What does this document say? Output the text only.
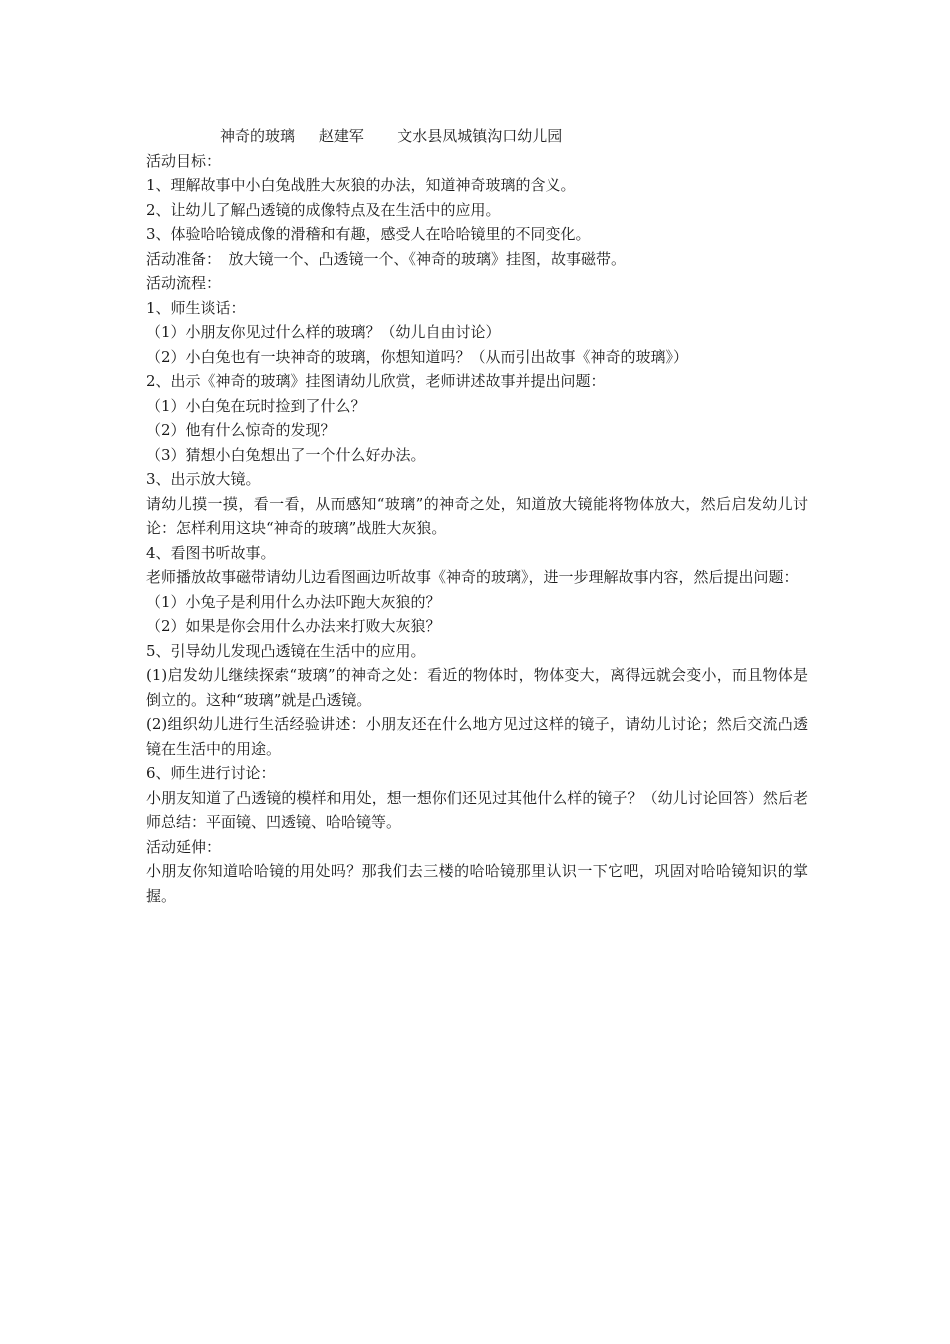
神奇的玻璃 赵建军 文水县凤城镇沟口幼儿园

活动目标：

1、理解故事中小白兔战胜大灰狼的办法，知道神奇玻璃的含义。

2、让幼儿了解凸透镜的成像特点及在生活中的应用。

3、体验哈哈镜成像的滑稽和有趣，感受人在哈哈镜里的不同变化。

活动准备：　放大镜一个、凸透镜一个、《神奇的玻璃》挂图，故事磁带。

活动流程：

1、师生谈话：

（1）小朋友你见过什么样的玻璃？（幼儿自由讨论）

（2）小白兔也有一块神奇的玻璃，你想知道吗？（从而引出故事《神奇的玻璃》）

2、出示《神奇的玻璃》挂图请幼儿欣赏，老师讲述故事并提出问题：

（1）小白兔在玩时捡到了什么？

（2）他有什么惊奇的发现？

（3）猜想小白兔想出了一个什么好办法。

3、出示放大镜。

请幼儿摸一摸，看一看，从而感知“玻璃”的神奇之处，知道放大镜能将物体放大，然后启发幼儿讨论：怎样利用这块“神奇的玻璃”战胜大灰狼。

4、看图书听故事。

老师播放故事磁带请幼儿边看图画边听故事《神奇的玻璃》，进一步理解故事内容，然后提出问题：

（1）小兔子是利用什么办法吓跑大灰狼的？

（2）如果是你会用什么办法来打败大灰狼？

5、引导幼儿发现凸透镜在生活中的应用。

(1)启发幼儿继续探索“玻璃”的神奇之处：看近的物体时，物体变大，离得远就会变小，而且物体是倒立的。这种“玻璃”就是凸透镜。

(2)组织幼儿进行生活经验讲述：小朋友还在什么地方见过这样的镜子，请幼儿讨论；然后交流凸透镜在生活中的用途。

6、师生进行讨论：

小朋友知道了凸透镜的模样和用处，想一想你们还见过其他什么样的镜子？（幼儿讨论回答）然后老师总结：平面镜、凹透镜、哈哈镜等。

活动延伸：

小朋友你知道哈哈镜的用处吗？那我们去三楼的哈哈镜那里认识一下它吧，巩固对哈哈镜知识的掌握。
